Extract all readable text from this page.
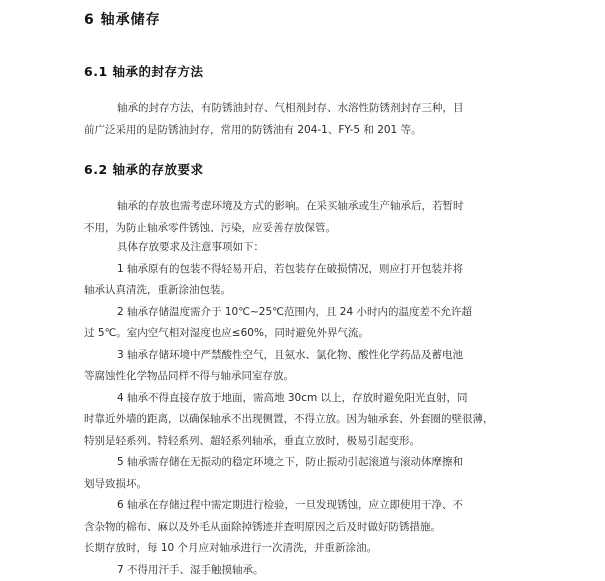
6 轴承储存
6.1 轴承的封存方法
轴承的封存方法，有防锈油封存、气相剂封存、水溶性防锈剂封存三种，目
前广泛采用的是防锈油封存，常用的防锈油有 204-1、FY-5 和 201 等。
6.2 轴承的存放要求
轴承的存放也需考虑环境及方式的影响。在采买轴承或生产轴承后，若暂时
不用，为防止轴承零件锈蚀、污染，应妥善存放保管。
具体存放要求及注意事项如下：
1 轴承原有的包装不得轻易开启，若包装存在破损情况，则应打开包装并将
轴承认真清洗，重新涂油包装。
2 轴承存储温度需介于 10℃~25℃范围内，且 24 小时内的温度差不允许超
过 5℃。室内空气相对湿度也应≤60%，同时避免外界气流。
3 轴承存储环境中严禁酸性空气，且氨水、氯化物、酸性化学药品及蓄电池
等腐蚀性化学物品同样不得与轴承同室存放。
4 轴承不得直接存放于地面，需高地 30cm 以上，存放时避免阳光直射，同
时靠近外墙的距离，以确保轴承不出现侧置，不得立放。因为轴承套、外套圈的壁很薄，
特别是轻系列、特轻系列、超轻系列轴承，垂直立放时，极易引起变形。
5 轴承需存储在无振动的稳定环境之下，防止振动引起滚道与滚动体摩擦和
划导致损坏。
6 轴承在存储过程中需定期进行检验，一旦发现锈蚀，应立即使用干净、不
含杂物的棉布、麻以及外毛从面除掉锈迹并查明原因之后及时做好防锈措施。
长期存放时，每 10 个月应对轴承进行一次清洗，并重新涂油。
7 不得用汗手、湿手触摸轴承。
